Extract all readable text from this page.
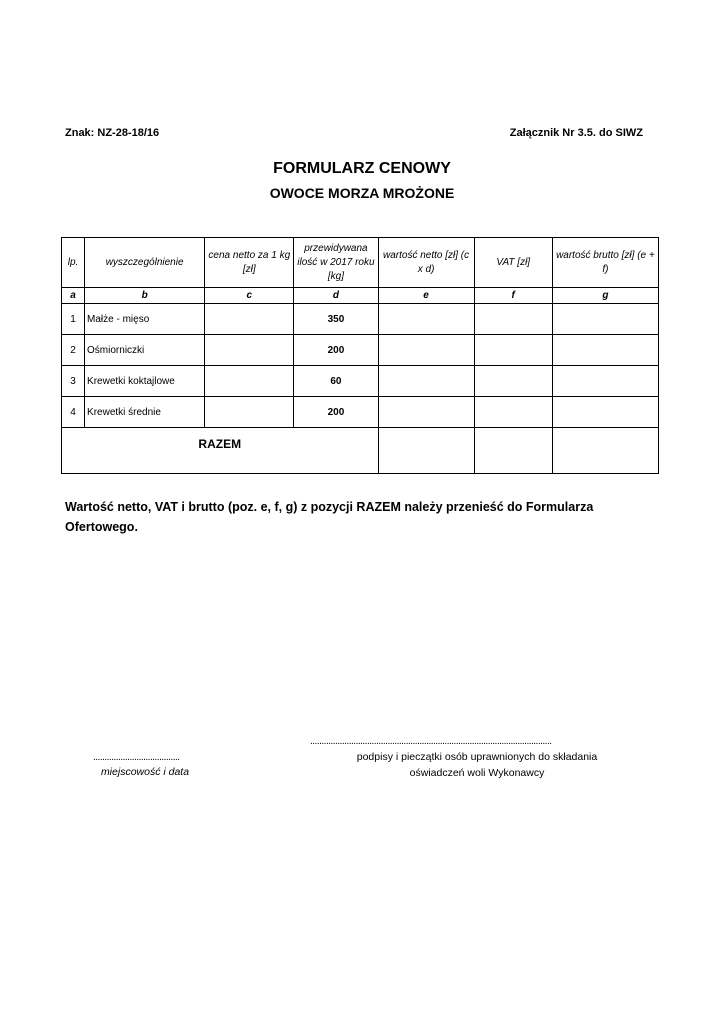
Znak: NZ-28-18/16	Załącznik Nr 3.5. do SIWZ
FORMULARZ CENOWY
OWOCE MORZA MROŻONE
lp.	wyszczególnienie	cena netto za 1 kg [zł]	przewidywana ilość w 2017 roku [kg]	wartość netto [zł] (c x d)	VAT [zł]	wartość brutto [zł] (e + f)
a	b	c	d	e	f	g
1	Małże - mięso		350			
2	Ośmiorniczki		200			
3	Krewetki koktajlowe		60			
4	Krewetki średnie		200			
RAZEM						
Wartość netto, VAT i brutto (poz. e, f, g) z pozycji RAZEM należy przenieść do Formularza Ofertowego.
......................................
miejscowość i data
..........................................................................................................
podpisy i pieczątki osób uprawnionych do składania
oświadczeń woli Wykonawcy
